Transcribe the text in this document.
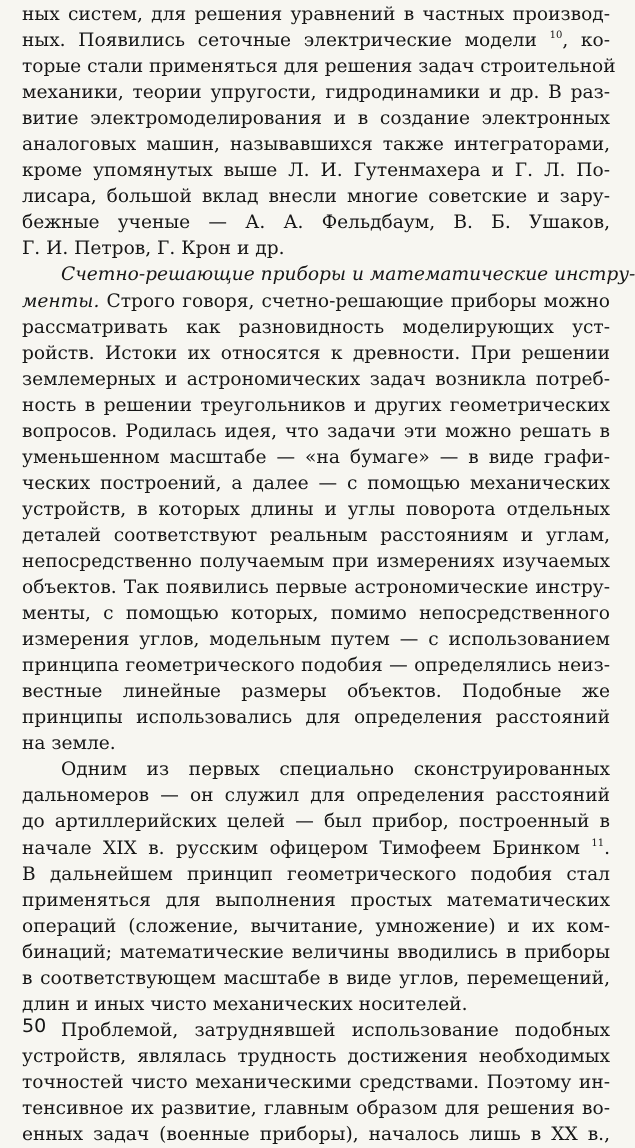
ных систем, для решения уравнений в частных производ-
ных. Появились сеточные электрические модели $^{10}$, ко-
торые стали применяться для решения задач строительной
механики, теории упругости, гидродинамики и др. В раз-
витие электромоделирования и в создание электронных
аналоговых машин, называвшихся также интеграторами,
кроме упомянутых выше Л. И. Гутенмахера и Г. Л. По-
лисара, большой вклад внесли многие советские и зару-
бежные ученые — А. А. Фельдбаум, В. Б. Ушаков,
Г. И. Петров, Г. Крон и др.
Счетно-решающие приборы и математические инстру-
менты. Строго говоря, счетно-решающие приборы можно
рассматривать как разновидность моделирующих уст-
ройств. Истоки их относятся к древности. При решении
землемерных и астрономических задач возникла потреб-
ность в решении треугольников и других геометрических
вопросов. Родилась идея, что задачи эти можно решать в
уменьшенном масштабе — «на бумаге» — в виде графи-
ческих построений, а далее — с помощью механических
устройств, в которых длины и углы поворота отдельных
деталей соответствуют реальным расстояниям и углам,
непосредственно получаемым при измерениях изучаемых
объектов. Так появились первые астрономические инстру-
менты, с помощью которых, помимо непосредственного
измерения углов, модельным путем — с использованием
принципа геометрического подобия — определялись неиз-
вестные линейные размеры объектов. Подобные же
принципы использовались для определения расстояний
на земле.
Одним из первых специально сконструированных
дальномеров — он служил для определения расстояний
до артиллерийских целей — был прибор, построенный в
начале XIX в. русским офицером Тимофеем Бринком $^{11}$.
В дальнейшем принцип геометрического подобия стал
применяться для выполнения простых математических
операций (сложение, вычитание, умножение) и их ком-
бинаций; математические величины вводились в приборы
в соответствующем масштабе в виде углов, перемещений,
длин и иных чисто механических носителей.
Проблемой, затруднявшей использование подобных
устройств, являлась трудность достижения необходимых
точностей чисто механическими средствами. Поэтому ин-
тенсивное их развитие, главным образом для решения во-
енных задач (военные приборы), началось лишь в XX в.,
50
